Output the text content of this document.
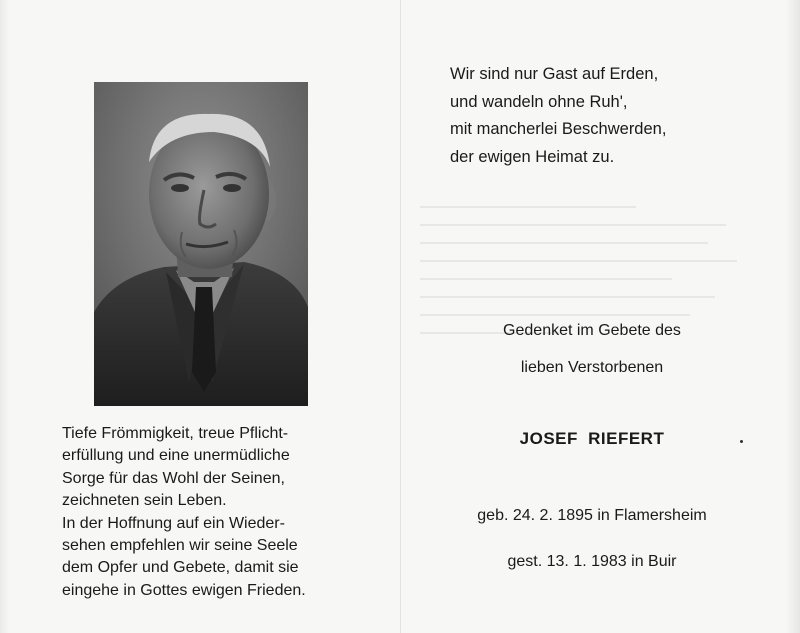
Tiefe Frömmigkeit, treue Pflicht-
erfüllung und eine unermüdliche
Sorge für das Wohl der Seinen,
zeichneten sein Leben.
In der Hoffnung auf ein Wieder-
sehen empfehlen wir seine Seele
dem Opfer und Gebete, damit sie
eingehe in Gottes ewigen Frieden.
Wir sind nur Gast auf Erden,
und wandeln ohne Ruh',
mit mancherlei Beschwerden,
der ewigen Heimat zu.
Gedenket im Gebete des
lieben Verstorbenen
JOSEF RIEFERT
geb. 24. 2. 1895 in Flamersheim
gest. 13. 1. 1983 in Buir
